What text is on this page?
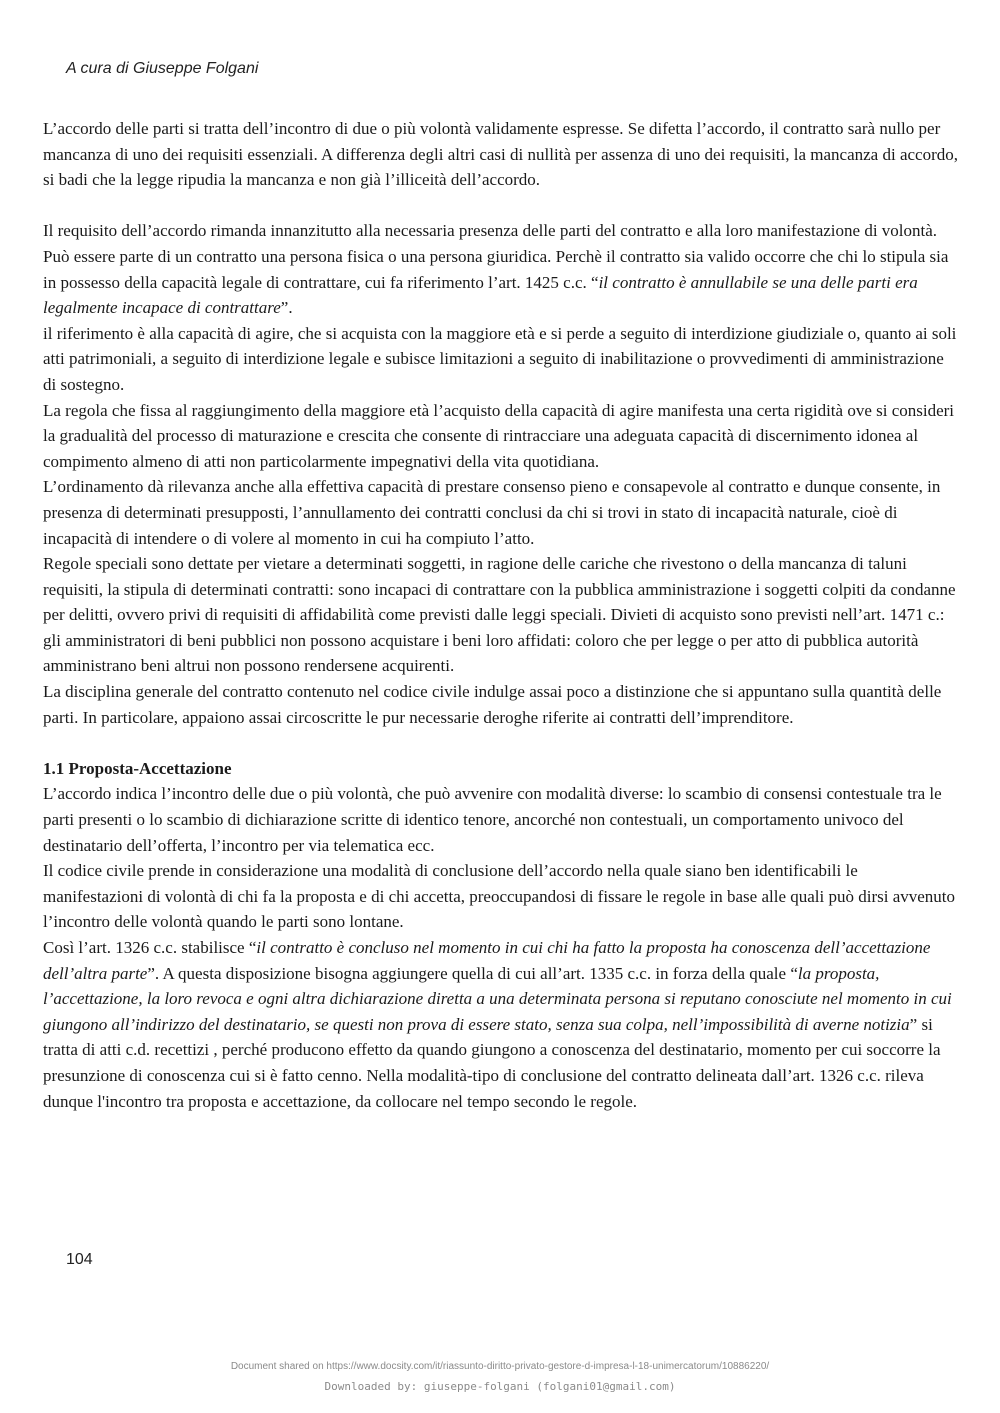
A cura di Giuseppe Folgani

L’accordo delle parti si tratta dell’incontro di due o più volontà validamente espresse. Se difetta l’accordo, il contratto sarà nullo per mancanza di uno dei requisiti essenziali. A differenza degli altri casi di nullità per assenza di uno dei requisiti, la mancanza di accordo, si badi che la legge ripudia la mancanza e non già l’illiceità dell’accordo.

Il requisito dell’accordo rimanda innanzitutto alla necessaria presenza delle parti del contratto e alla loro manifestazione di volontà. Può essere parte di un contratto una persona fisica o una persona giuridica. Perchè il contratto sia valido occorre che chi lo stipula sia in possesso della capacità legale di contrattare, cui fa riferimento l’art. 1425 c.c. “il contratto è annullabile se una delle parti era legalmente incapace di contrattare”.

il riferimento è alla capacità di agire, che si acquista con la maggiore età e si perde a seguito di interdizione giudiziale o, quanto ai soli atti patrimoniali, a seguito di interdizione legale e subisce limitazioni a seguito di inabilitazione o provvedimenti di amministrazione di sostegno.

La regola che fissa al raggiungimento della maggiore età l’acquisto della capacità di agire manifesta una certa rigidità ove si consideri la gradualità del processo di maturazione e crescita che consente di rintracciare una adeguata capacità di discernimento idonea al compimento almeno di atti non particolarmente impegnativi della vita quotidiana.

L’ordinamento dà rilevanza anche alla effettiva capacità di prestare consenso pieno e consapevole al contratto e dunque consente, in presenza di determinati presupposti, l’annullamento dei contratti conclusi da chi si trovi in stato di incapacità naturale, cioè di incapacità di intendere o di volere al momento in cui ha compiuto l’atto.

Regole speciali sono dettate per vietare a determinati soggetti, in ragione delle cariche che rivestono o della mancanza di taluni requisiti, la stipula di determinati contratti: sono incapaci di contrattare con la pubblica amministrazione i soggetti colpiti da condanne per delitti, ovvero privi di requisiti di affidabilità come previsti dalle leggi speciali. Divieti di acquisto sono previsti nell’art. 1471 c.: gli amministratori di beni pubblici non possono acquistare i beni loro affidati: coloro che per legge o per atto di pubblica autorità amministrano beni altrui non possono rendersene acquirenti.

La disciplina generale del contratto contenuto nel codice civile indulge assai poco a distinzione che si appuntano sulla quantità delle parti. In particolare, appaiono assai circoscritte le pur necessarie deroghe riferite ai contratti dell’imprenditore.

1.1 Proposta-Accettazione

L’accordo indica l’incontro delle due o più volontà, che può avvenire con modalità diverse: lo scambio di consensi contestuale tra le parti presenti o lo scambio di dichiarazione scritte di identico tenore, ancorché non contestuali, un comportamento univoco del destinatario dell’offerta, l’incontro per via telematica ecc.

Il codice civile prende in considerazione una modalità di conclusione dell’accordo nella quale siano ben identificabili le manifestazioni di volontà di chi fa la proposta e di chi accetta, preoccupandosi di fissare le regole in base alle quali può dirsi avvenuto l’incontro delle volontà quando le parti sono lontane.

Così l’art. 1326 c.c. stabilisce “il contratto è concluso nel momento in cui chi ha fatto la proposta ha conoscenza dell’accettazione dell’altra parte”. A questa disposizione bisogna aggiungere quella di cui all’art. 1335 c.c. in forza della quale “la proposta, l’accettazione, la loro revoca e ogni altra dichiarazione diretta a una determinata persona si reputano conosciute nel momento in cui giungono all’indirizzo del destinatario, se questi non prova di essere stato, senza sua colpa, nell’impossibilità di averne notizia” si tratta di atti c.d. recettizi , perché producono effetto da quando giungono a conoscenza del destinatario, momento per cui soccorre la presunzione di conoscenza cui si è fatto cenno. Nella modalità-tipo di conclusione del contratto delineata dall’art. 1326 c.c. rileva dunque l'incontro tra proposta e accettazione, da collocare nel tempo secondo le regole.

104
Document shared on https://www.docsity.com/it/riassunto-diritto-privato-gestore-d-impresa-l-18-unimercatorum/10886220/
Downloaded by: giuseppe-folgani (folgani01@gmail.com)
